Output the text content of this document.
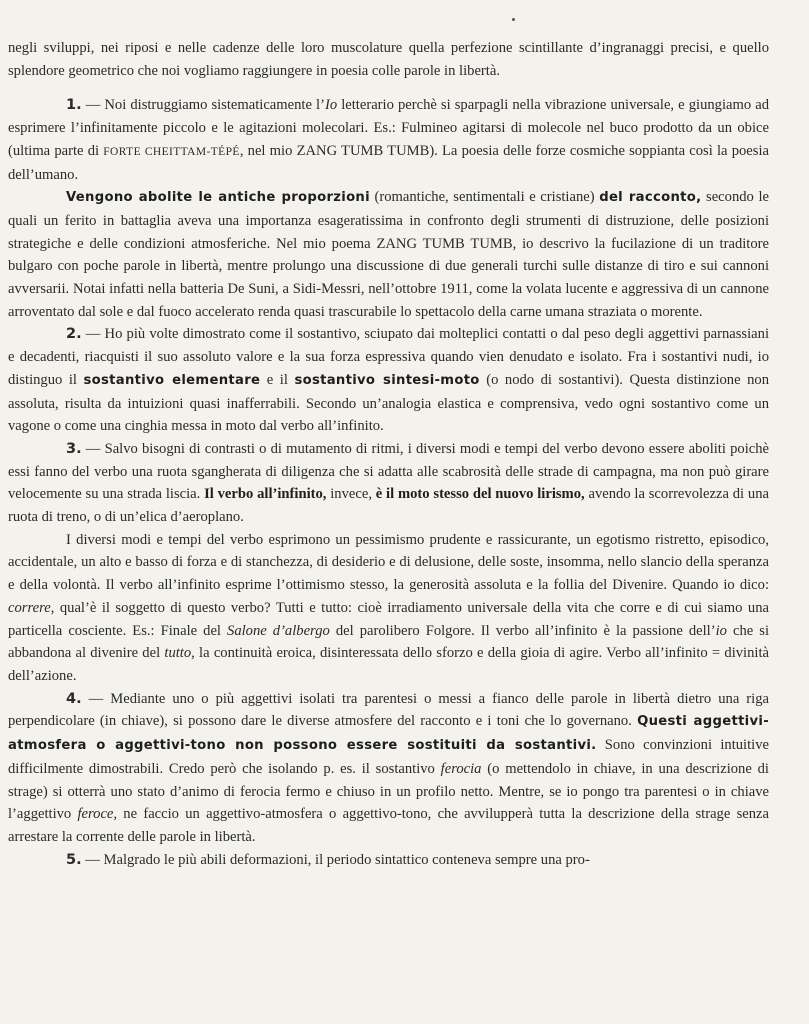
negli sviluppi, nei riposi e nelle cadenze delle loro muscolature quella perfezione scintillante d’ingranaggi precisi, e quello splendore geometrico che noi vogliamo raggiungere in poesia colle parole in libertà.

1. — Noi distruggiamo sistematicamente l’Io letterario perchè si sparpagli nella vibrazione universale, e giungiamo ad esprimere l’infinitamente piccolo e le agitazioni molecolari. Es.: Fulmineo agitarsi di molecole nel buco prodotto da un obice (ultima parte di FORTE CHEITTAM-TÉPÉ, nel mio ZANG TUMB TUMB). La poesia delle forze cosmiche soppianta così la poesia dell’umano.

Vengono abolite le antiche proporzioni (romantiche, sentimentali e cristiane) del racconto, secondo le quali un ferito in battaglia aveva una importanza esageratissima in confronto degli strumenti di distruzione, delle posizioni strategiche e delle condizioni atmosferiche. Nel mio poema ZANG TUMB TUMB, io descrivo la fucilazione di un traditore bulgaro con poche parole in libertà, mentre prolungo una discussione di due generali turchi sulle distanze di tiro e sui cannoni avversarii. Notai infatti nella batteria De Suni, a Sidi-Messri, nell’ottobre 1911, come la volata lucente e aggressiva di un cannone arroventato dal sole e dal fuoco accelerato renda quasi trascurabile lo spettacolo della carne umana straziata o morente.

2. — Ho più volte dimostrato come il sostantivo, sciupato dai molteplici contatti o dal peso degli aggettivi parnassiani e decadenti, riacquisti il suo assoluto valore e la sua forza espressiva quando vien denudato e isolato. Fra i sostantivi nudi, io distinguo il sostantivo elementare e il sostantivo sintesi-moto (o nodo di sostantivi). Questa distinzione non assoluta, risulta da intuizioni quasi inafferrabili. Secondo un’analogia elastica e comprensiva, vedo ogni sostantivo come un vagone o come una cinghia messa in moto dal verbo all’infinito.

3. — Salvo bisogni di contrasti o di mutamento di ritmi, i diversi modi e tempi del verbo devono essere aboliti poichè essi fanno del verbo una ruota sgangherata di diligenza che si adatta alle scabrosità delle strade di campagna, ma non può girare velocemente su una strada liscia. Il verbo all’infinito, invece, è il moto stesso del nuovo lirismo, avendo la scorrevolezza di una ruota di treno, o di un’elica d’aeroplano.

I diversi modi e tempi del verbo esprimono un pessimismo prudente e rassicurante, un egotismo ristretto, episodico, accidentale, un alto e basso di forza e di stanchezza, di desiderio e di delusione, delle soste, insomma, nello slancio della speranza e della volontà. Il verbo all’infinito esprime l’ottimismo stesso, la generosità assoluta e la follia del Divenire. Quando io dico: correre, qual’è il soggetto di questo verbo? Tutti e tutto: cioè irradiamento universale della vita che corre e di cui siamo una particella cosciente. Es.: Finale del Salone d’albergo del parolibero Folgore. Il verbo all’infinito è la passione dell’io che si abbandona al divenire del tutto, la continuità eroica, disinteressata dello sforzo e della gioia di agire. Verbo all’infinito = divinità dell’azione.

4. — Mediante uno o più aggettivi isolati tra parentesi o messi a fianco delle parole in libertà dietro una riga perpendicolare (in chiave), si possono dare le diverse atmosfere del racconto e i toni che lo governano. Questi aggettivi-atmosfera o aggettivi-tono non possono essere sostituiti da sostantivi. Sono convinzioni intuitive difficilmente dimostrabili. Credo però che isolando p. es. il sostantivo ferocia (o mettendolo in chiave, in una descrizione di strage) si otterrà uno stato d’animo di ferocia fermo e chiuso in un profilo netto. Mentre, se io pongo tra parentesi o in chiave l’aggettivo feroce, ne faccio un aggettivo-atmosfera o aggettivo-tono, che avvilupperà tutta la descrizione della strage senza arrestare la corrente delle parole in libertà.

5. — Malgrado le più abili deformazioni, il periodo sintattico conteneva sempre una pro-
